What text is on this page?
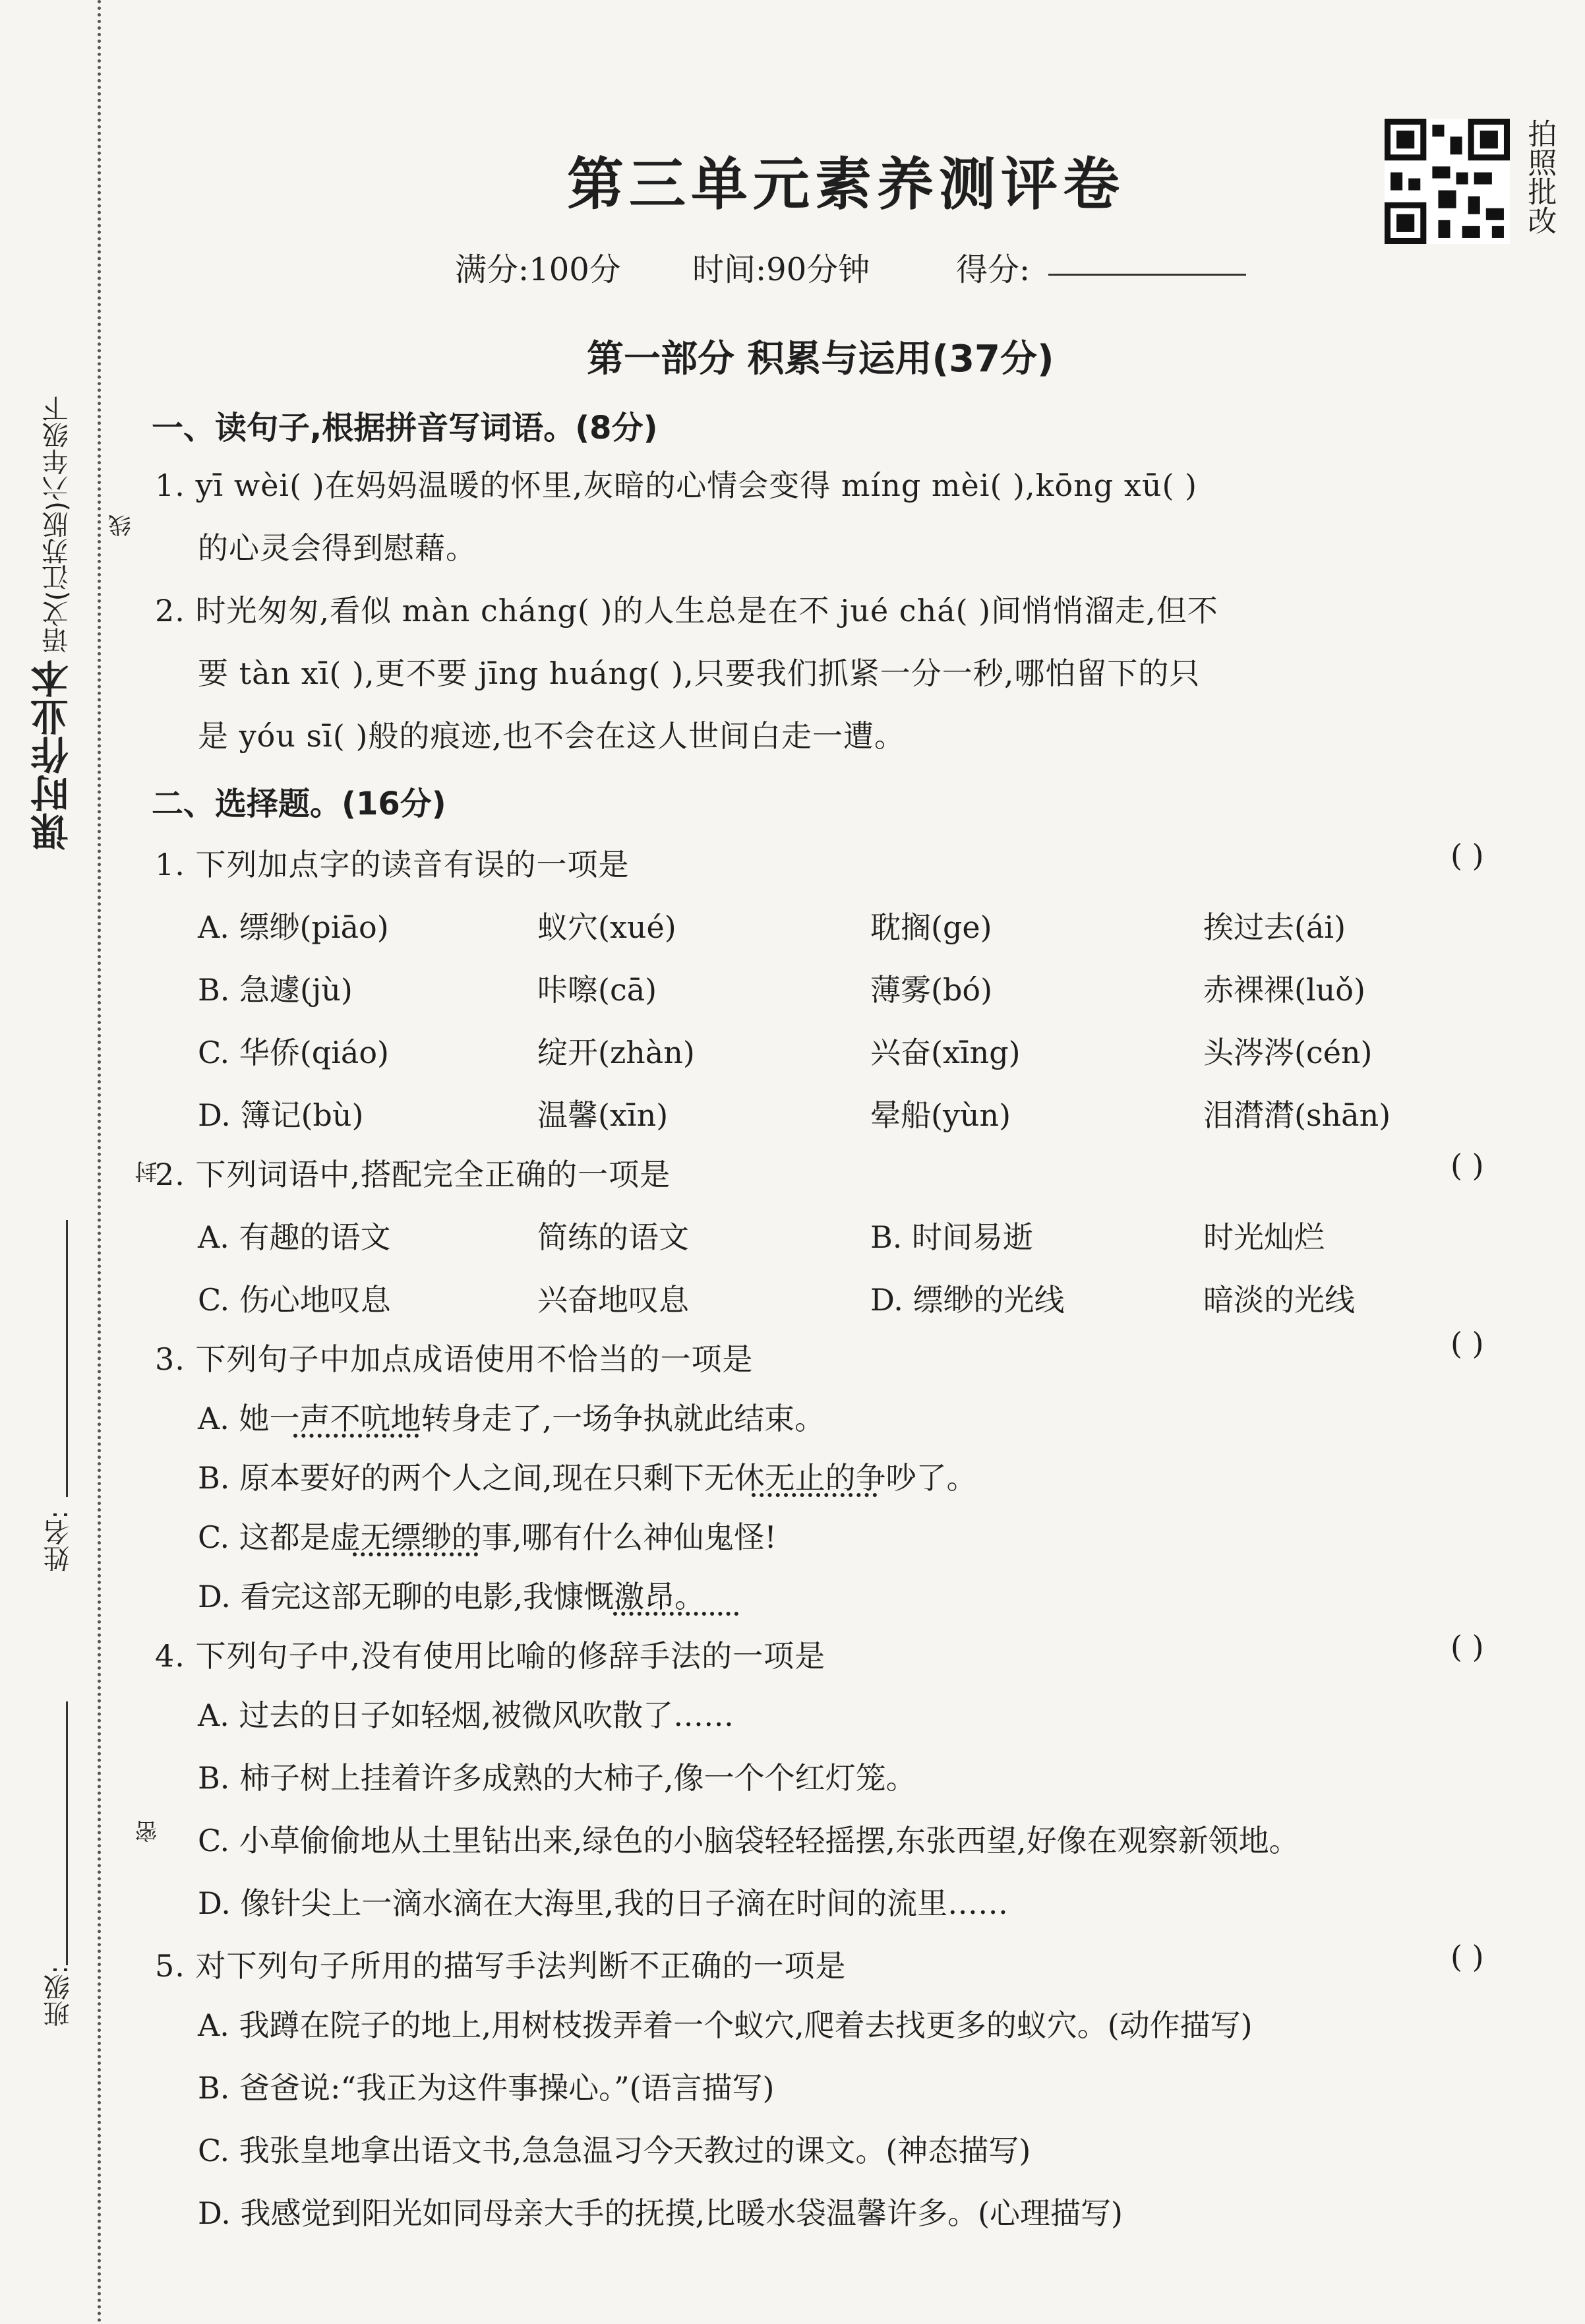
课时作业本
语文(江苏版)六年级下
姓名:
班级:
线
封
密
第三单元素养测评卷
满分:100分 时间:90分钟	得分:
拍照批改
第一部分 积累与运用(37分)
一、读句子,根据拼音写词语。(8分)
1. yī wèi( )在妈妈温暖的怀里,灰暗的心情会变得 míng mèi( ),kōng xū( )
的心灵会得到慰藉。
2. 时光匆匆,看似 màn cháng( )的人生总是在不 jué chá( )间悄悄溜走,但不
要 tàn xī( ),更不要 jīng huáng( ),只要我们抓紧一分一秒,哪怕留下的只
是 yóu sī( )般的痕迹,也不会在这人世间白走一遭。
二、选择题。(16分)
1. 下列加点字的读音有误的一项是	( )
A. 缥缈(piāo)	蚁穴(xué)	耽搁(ge)	挨过去(ái)
B. 急遽(jù)	咔嚓(cā)	薄雾(bó)	赤裸裸(luǒ)
C. 华侨(qiáo)	绽开(zhàn)	兴奋(xīng)	头涔涔(cén)
D. 簿记(bù)	温馨(xīn)	晕船(yùn)	泪潸潸(shān)
2. 下列词语中,搭配完全正确的一项是	( )
A. 有趣的语文	简练的语文	B. 时间易逝	时光灿烂
C. 伤心地叹息	兴奋地叹息	D. 缥缈的光线	暗淡的光线
3. 下列句子中加点成语使用不恰当的一项是	( )
A. 她一声不吭地转身走了,一场争执就此结束。
B. 原本要好的两个人之间,现在只剩下无休无止的争吵了。
C. 这都是虚无缥缈的事,哪有什么神仙鬼怪!
D. 看完这部无聊的电影,我慷慨激昂。
4. 下列句子中,没有使用比喻的修辞手法的一项是	( )
A. 过去的日子如轻烟,被微风吹散了……
B. 柿子树上挂着许多成熟的大柿子,像一个个红灯笼。
C. 小草偷偷地从土里钻出来,绿色的小脑袋轻轻摇摆,东张西望,好像在观察新领地。
D. 像针尖上一滴水滴在大海里,我的日子滴在时间的流里……
5. 对下列句子所用的描写手法判断不正确的一项是	( )
A. 我蹲在院子的地上,用树枝拨弄着一个蚁穴,爬着去找更多的蚁穴。(动作描写)
B. 爸爸说:“我正为这件事操心。”(语言描写)
C. 我张皇地拿出语文书,急急温习今天教过的课文。(神态描写)
D. 我感觉到阳光如同母亲大手的抚摸,比暖水袋温馨许多。(心理描写)
